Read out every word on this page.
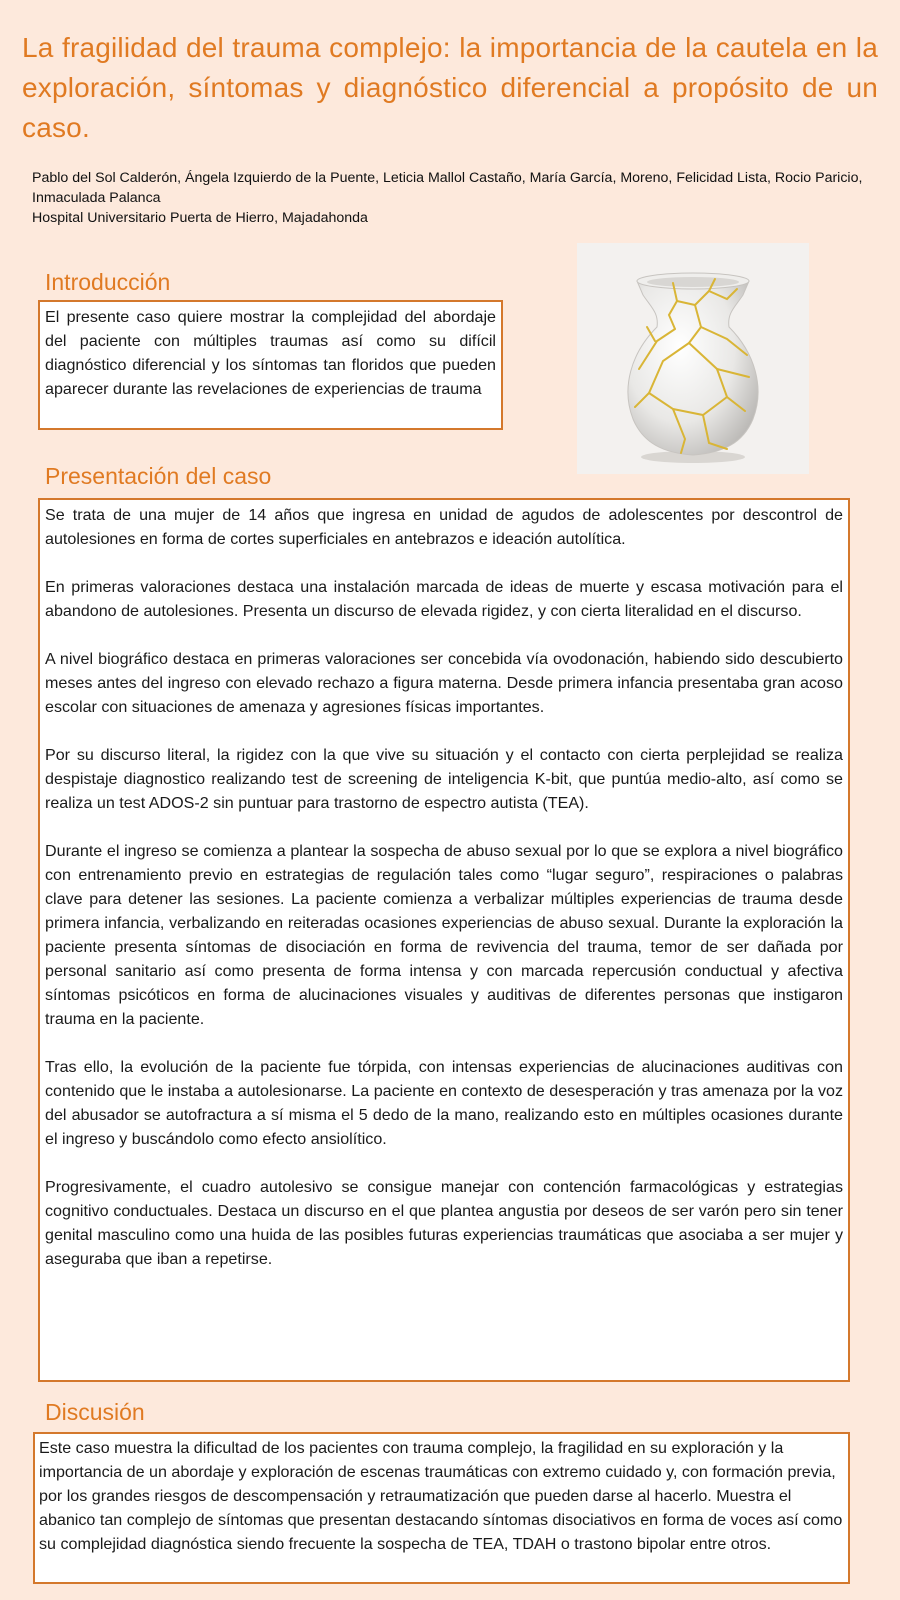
La fragilidad del trauma complejo: la importancia de la cautela en la exploración, síntomas y diagnóstico diferencial a propósito de un caso.
Pablo del Sol Calderón, Ángela Izquierdo de la Puente, Leticia Mallol Castaño, María García, Moreno, Felicidad Lista, Rocio Paricio, Inmaculada Palanca
Hospital Universitario Puerta de Hierro, Majadahonda
Introducción

El presente caso quiere mostrar la complejidad del abordaje del paciente con múltiples traumas así como su difícil diagnóstico diferencial y los síntomas tan floridos que pueden aparecer durante las revelaciones de experiencias de trauma

Presentación del caso

Se trata de una mujer de 14 años que ingresa en unidad de agudos de adolescentes por descontrol de autolesiones en forma de cortes superficiales en antebrazos e ideación autolítica.

En primeras valoraciones destaca una instalación marcada de ideas de muerte y escasa motivación para el abandono de autolesiones. Presenta un discurso de elevada rigidez, y con cierta literalidad en el discurso.

A nivel biográfico destaca en primeras valoraciones ser concebida vía ovodonación, habiendo sido descubierto meses antes del ingreso con elevado rechazo a figura materna. Desde primera infancia presentaba gran acoso escolar con situaciones de amenaza y agresiones físicas importantes.

Por su discurso literal, la rigidez con la que vive su situación y el contacto con cierta perplejidad se realiza despistaje diagnostico realizando test de screening de inteligencia K-bit, que puntúa medio-alto, así como se realiza un test ADOS-2 sin puntuar para trastorno de espectro autista (TEA).

Durante el ingreso se comienza a plantear la sospecha de abuso sexual por lo que se explora a nivel biográfico con entrenamiento previo en estrategias de regulación tales como “lugar seguro”, respiraciones o palabras clave para detener las sesiones. La paciente comienza a verbalizar múltiples experiencias de trauma desde primera infancia, verbalizando en reiteradas ocasiones experiencias de abuso sexual. Durante la exploración la paciente presenta síntomas de disociación en forma de revivencia del trauma, temor de ser dañada por personal sanitario así como presenta de forma intensa y con marcada repercusión conductual y afectiva síntomas psicóticos en forma de alucinaciones visuales y auditivas de diferentes personas que instigaron trauma en la paciente.

Tras ello, la evolución de la paciente fue tórpida, con intensas experiencias de alucinaciones auditivas con contenido que le instaba a autolesionarse. La paciente en contexto de desesperación y tras amenaza por la voz del abusador se autofractura a sí misma el 5 dedo de la mano, realizando esto en múltiples ocasiones durante el ingreso y buscándolo como efecto ansiolítico.

Progresivamente, el cuadro autolesivo se consigue manejar con contención farmacológicas y estrategias cognitivo conductuales. Destaca un discurso en el que plantea angustia por deseos de ser varón pero sin tener genital masculino como una huida de las posibles futuras experiencias traumáticas que asociaba a ser mujer y aseguraba que iban a repetirse.

Discusión

Este caso muestra la dificultad de los pacientes con trauma complejo, la fragilidad en su exploración y la importancia de un abordaje y exploración de escenas traumáticas con extremo cuidado y, con formación previa, por los grandes riesgos de descompensación y retraumatización que pueden darse al hacerlo. Muestra el abanico tan complejo de síntomas que presentan destacando síntomas disociativos en forma de voces así como su complejidad diagnóstica siendo frecuente la sospecha de TEA, TDAH o trastono bipolar entre otros.
